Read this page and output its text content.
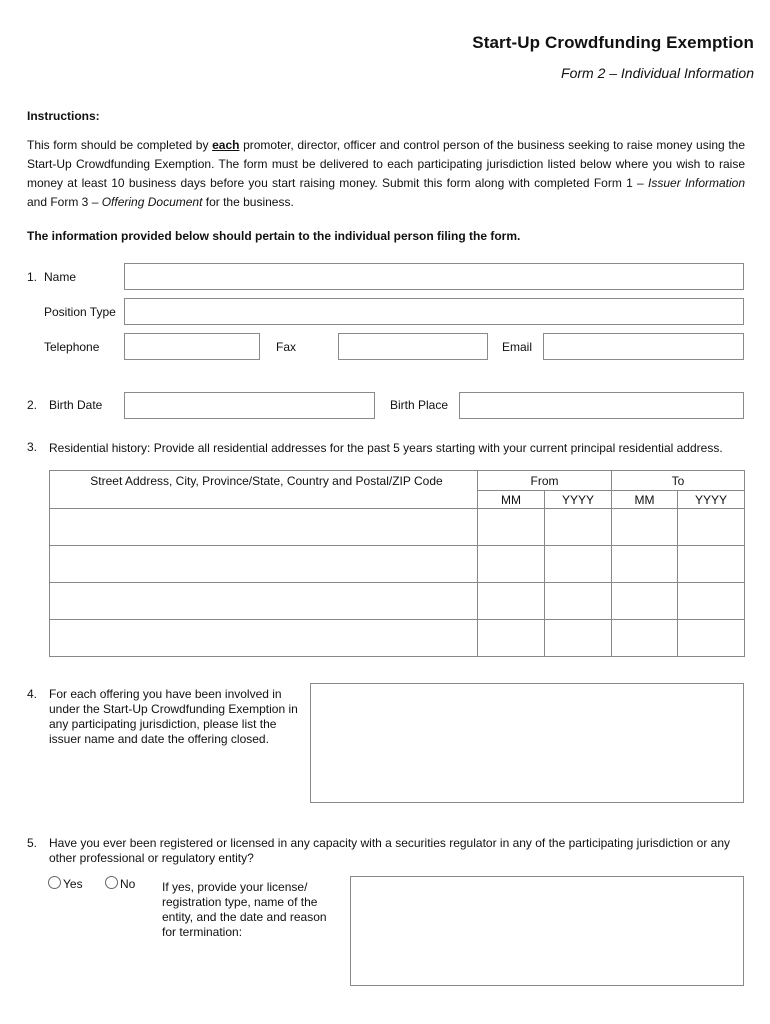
Start-Up Crowdfunding Exemption
Form 2 – Individual Information
Instructions:
This form should be completed by each promoter, director, officer and control person of the business seeking to raise money using the Start-Up Crowdfunding Exemption. The form must be delivered to each participating jurisdiction listed below where you wish to raise money at least 10 business days before you start raising money. Submit this form along with completed Form 1 – Issuer Information and Form 3 – Offering Document for the business.
The information provided below should pertain to the individual person filing the form.
1. Name
Position Type
Telephone	Fax	Email
2. Birth Date	Birth Place
3. Residential history: Provide all residential addresses for the past 5 years starting with your current principal residential address.
Street Address, City, Province/State, Country and Postal/ZIP Code	From		To	
	MM	YYYY	MM	YYYY

4. For each offering you have been involved in under the Start-Up Crowdfunding Exemption in any participating jurisdiction, please list the issuer name and date the offering closed.
5. Have you ever been registered or licensed in any capacity with a securities regulator in any of the participating jurisdiction or any other professional or regulatory entity?
Yes	No If yes, provide your license/ registration type, name of the entity, and the date and reason for termination:
